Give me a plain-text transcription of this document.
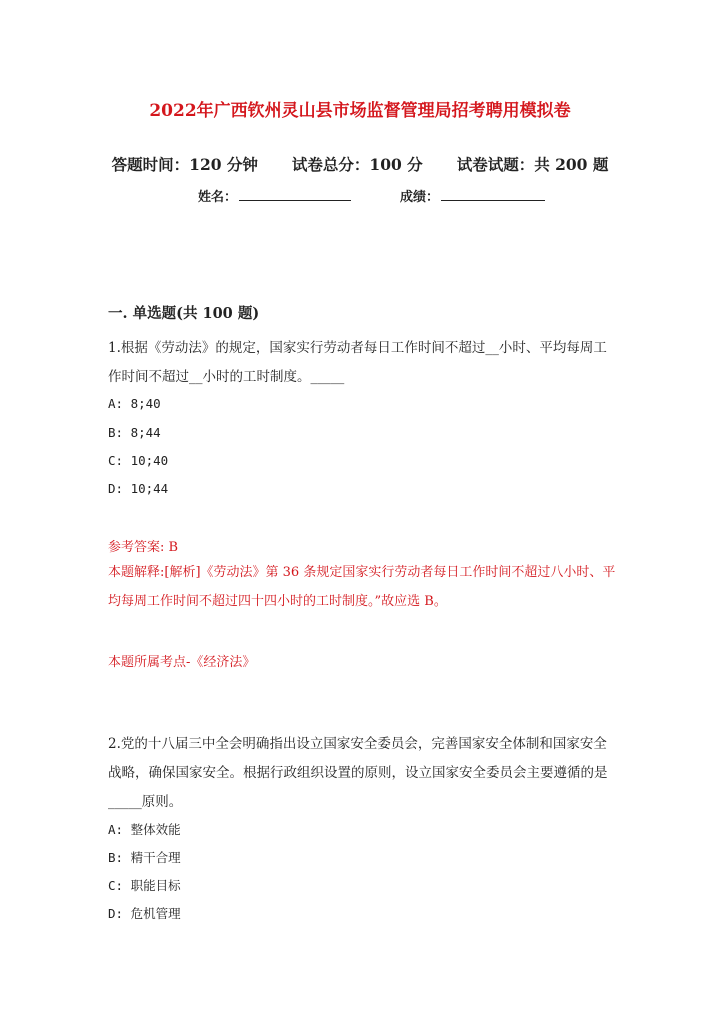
2022年广西钦州灵山县市场监督管理局招考聘用模拟卷
答题时间：120 分钟 试卷总分：100 分 试卷试题：共 200 题
姓名：	成绩：
一. 单选题(共 100 题)
1.根据《劳动法》的规定，国家实行劳动者每日工作时间不超过__小时、平均每周工作时间不超过__小时的工时制度。_____
A: 8;40
B: 8;44
C: 10;40
D: 10;44
参考答案: B
本题解释:[解析]《劳动法》第 36 条规定国家实行劳动者每日工作时间不超过八小时、平均每周工作时间不超过四十四小时的工时制度。”故应选 B。
本题所属考点-《经济法》
2.党的十八届三中全会明确指出设立国家安全委员会，完善国家安全体制和国家安全战略，确保国家安全。根据行政组织设置的原则，设立国家安全委员会主要遵循的是_____原则。
A: 整体效能
B: 精干合理
C: 职能目标
D: 危机管理
